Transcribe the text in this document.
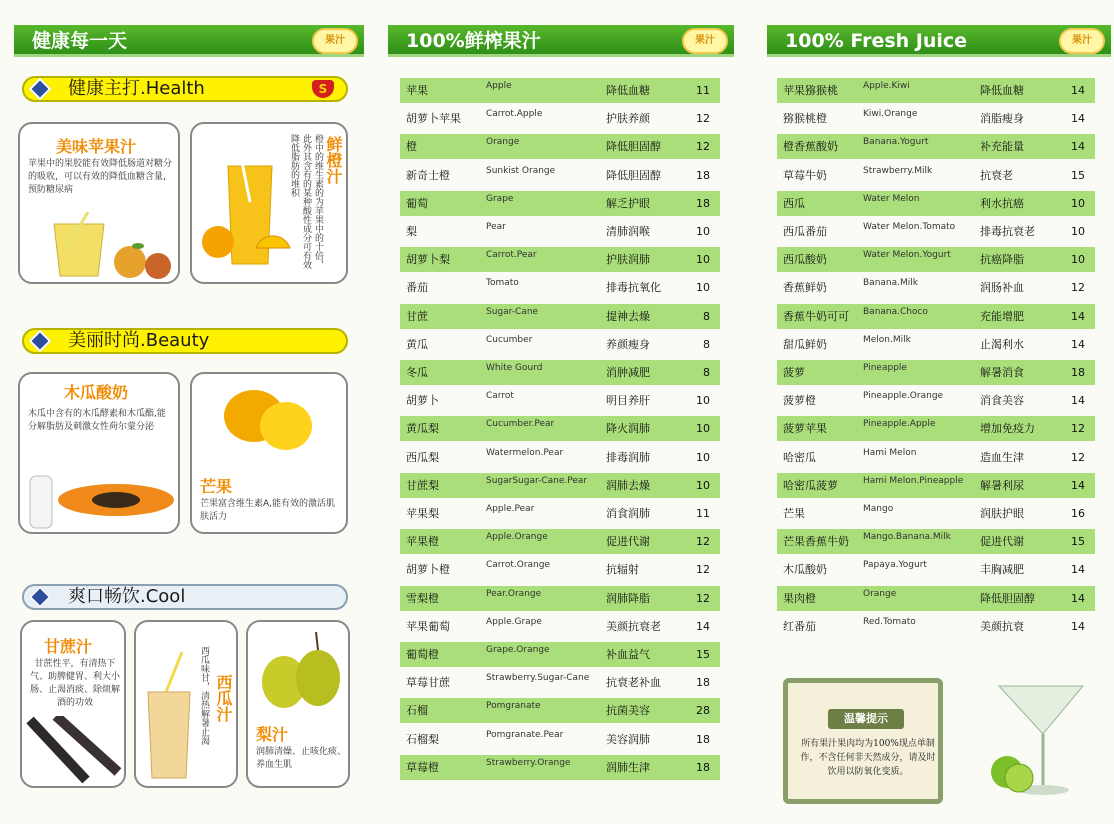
健康每一天	果汁
健康主打.Health	S
美味苹果汁
苹果中的果胶能有效降低肠道对糖分的吸收，可以有效的降低血糖含量，预防糖尿病
鲜橙汁
橙中的维生素的为苹果中的十倍，此外其含有的某种酸性成分可有效降低脂肪的堆积
美丽时尚.Beauty
木瓜酸奶
木瓜中含有的木瓜酵素和木瓜酯,能分解脂肪及刺激女性荷尔蒙分泌
芒果
芒果富含维生素A,能有效的激活肌肤活力
爽口畅饮.Cool
甘蔗汁
甘蔗性平，有清热下气、助脾健胃、利大小肠、止渴消痰、除烦解酒的功效	西瓜汁
西瓜味甘，清热解暑止渴	梨汁
润肺清燥、止咳化痰、养血生肌
100%鲜榨果汁	果汁
苹果	Apple	降低血糖	11
胡萝卜苹果	Carrot.Apple	护肤养颜	12
橙	Orange	降低胆固醇	12
新奇士橙	Sunkist Orange	降低胆固醇	18
葡萄	Grape	解乏护眼	18
梨	Pear	清肺润喉	10
胡萝卜梨	Carrot.Pear	护肤润肺	10
番茄	Tomato	排毒抗氧化	10
甘蔗	Sugar-Cane	提神去燥	8
黄瓜	Cucumber	养颜瘦身	8
冬瓜	White Gourd	消肿减肥	8
胡萝卜	Carrot	明目养肝	10
黄瓜梨	Cucumber.Pear	降火润肺	10
西瓜梨	Watermelon.Pear	排毒润肺	10
甘蔗梨	SugarSugar-Cane.Pear 润肺去燥	10
苹果梨	Apple.Pear	消食润肺	11
苹果橙	Apple.Orange	促进代谢	12
胡萝卜橙	Carrot.Orange	抗辐射	12
雪梨橙	Pear.Orange	润肺降脂	12
苹果葡萄	Apple.Grape	美颜抗衰老	14
葡萄橙	Grape.Orange	补血益气	15
草莓甘蔗	Strawberry.Sugar-Cane 抗衰老补血	18
石榴	Pomgranate	抗菌美容	28
石榴梨	Pomgranate.Pear	美容润肺	18
草莓橙	Strawberry.Orange	润肺生津	18
100% Fresh Juice	果汁
苹果猕猴桃	Apple.Kiwi	降低血糖	14
猕猴桃橙	Kiwi.Orange	消脂瘦身	14
橙香蕉酸奶	Banana.Yogurt	补充能量	14
草莓牛奶	Strawberry.Milk	抗衰老	15
西瓜	Water Melon	利水抗癌	10
西瓜番茄	Water Melon.Tomato 排毒抗衰老	10
西瓜酸奶	Water Melon.Yogurt	抗癌降脂	10
香蕉鲜奶	Banana.Milk	润肠补血	12
香蕉牛奶可可 Banana.Choco	充能增肥	14
甜瓜鲜奶	Melon.Milk	止渴利水	14
菠萝	Pineapple	解暑消食	18
菠萝橙	Pineapple.Orange	消食美容	14
菠萝苹果	Pineapple.Apple	增加免疫力	12
哈密瓜	Hami Melon	造血生津	12
哈密瓜菠萝	Hami Melon.Pineapple 解暑利尿	14
芒果	Mango	润肤护眼	16
芒果香蕉牛奶 Mango.Banana.Milk	促进代谢	15
木瓜酸奶	Papaya.Yogurt	丰胸减肥	14
果肉橙	Orange	降低胆固醇	14
红番茄	Red.Tomato	美颜抗衰	14
温馨提示
所有果汁果肉均为100%现点单制作，不含任何非天然成分，请及时饮用以防氧化变质。
